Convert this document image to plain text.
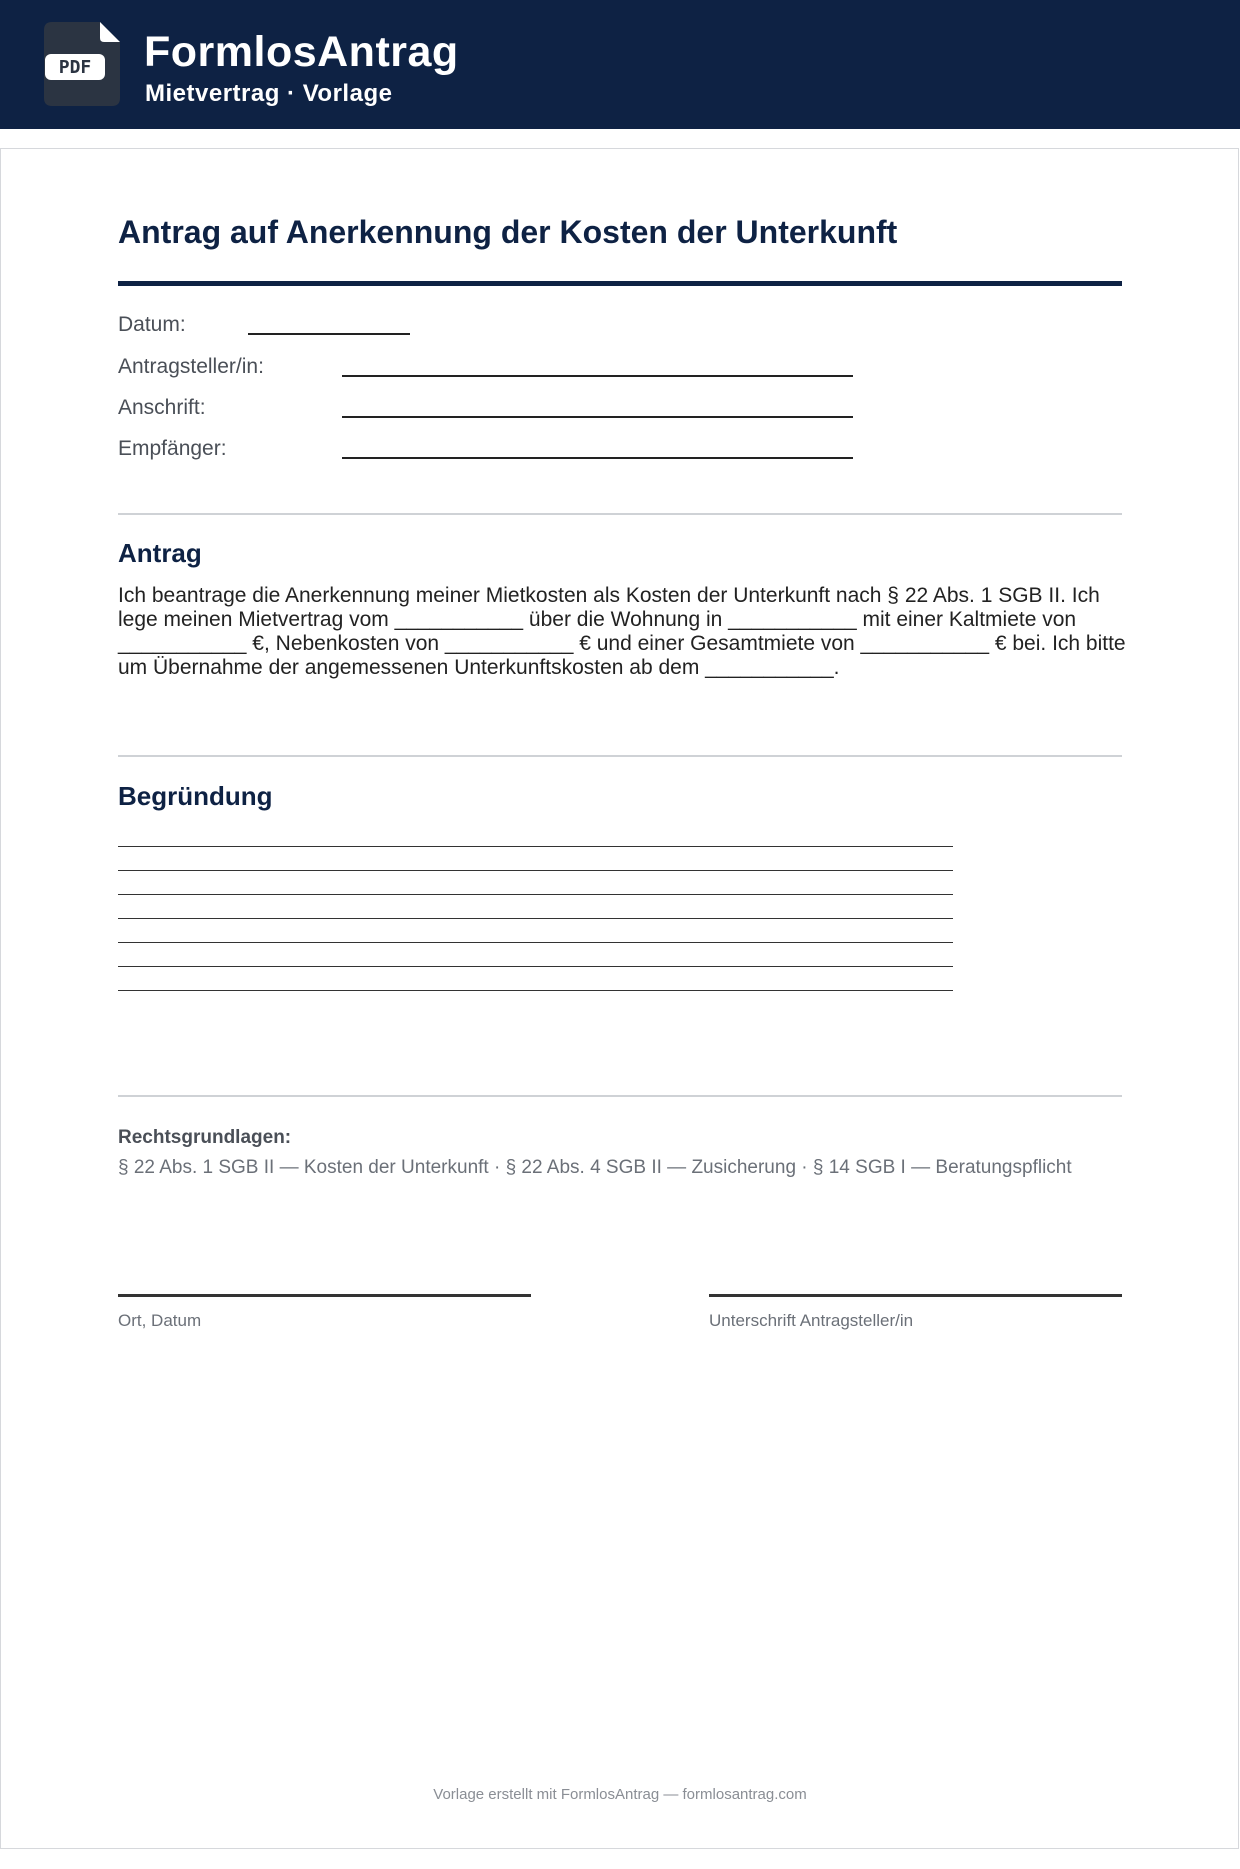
PDF FormlosAntrag
Mietvertrag · Vorlage
Antrag auf Anerkennung der Kosten der Unterkunft
Datum:
Antragsteller/in:
Anschrift:
Empfänger:
Antrag
Ich beantrage die Anerkennung meiner Mietkosten als Kosten der Unterkunft nach § 22 Abs. 1 SGB II. Ich lege meinen Mietvertrag vom ___________ über die Wohnung in ___________ mit einer Kaltmiete von ___________ €, Nebenkosten von ___________ € und einer Gesamtmiete von ___________ € bei. Ich bitte um Übernahme der angemessenen Unterkunftskosten ab dem ___________.
Begründung
Rechtsgrundlagen:
§ 22 Abs. 1 SGB II — Kosten der Unterkunft · § 22 Abs. 4 SGB II — Zusicherung · § 14 SGB I — Beratungspflicht
Ort, Datum	Unterschrift Antragsteller/in
Vorlage erstellt mit FormlosAntrag — formlosantrag.com
